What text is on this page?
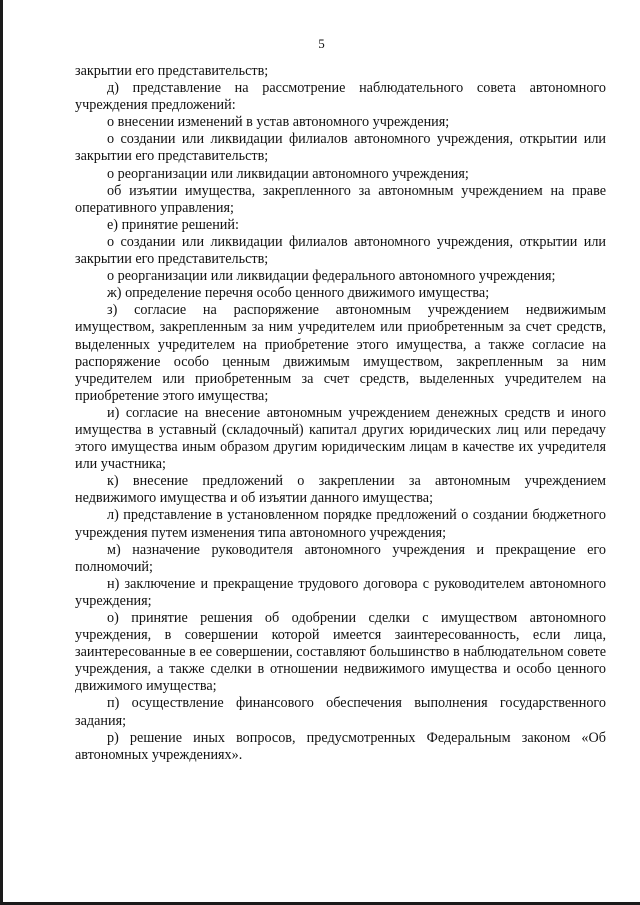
5

закрытии его представительств;

д) представление на рассмотрение наблюдательного совета автономного учреждения предложений:

о внесении изменений в устав автономного учреждения;

о создании или ликвидации филиалов автономного учреждения, открытии или закрытии его представительств;

о реорганизации или ликвидации автономного учреждения;

об изъятии имущества, закрепленного за автономным учреждением на праве оперативного управления;

е) принятие решений:

о создании или ликвидации филиалов автономного учреждения, открытии или закрытии его представительств;

о реорганизации или ликвидации федерального автономного учреждения;

ж) определение перечня особо ценного движимого имущества;

з) согласие на распоряжение автономным учреждением недвижимым имуществом, закрепленным за ним учредителем или приобретенным за счет средств, выделенных учредителем на приобретение этого имущества, а также согласие на распоряжение особо ценным движимым имуществом, закрепленным за ним учредителем или приобретенным за счет средств, выделенных учредителем на приобретение этого имущества;

и) согласие на внесение автономным учреждением денежных средств и иного имущества в уставный (складочный) капитал других юридических лиц или передачу этого имущества иным образом другим юридическим лицам в качестве их учредителя или участника;

к) внесение предложений о закреплении за автономным учреждением недвижимого имущества и об изъятии данного имущества;

л) представление в установленном порядке предложений о создании бюджетного учреждения путем изменения типа автономного учреждения;

м) назначение руководителя автономного учреждения и прекращение его полномочий;

н) заключение и прекращение трудового договора с руководителем автономного учреждения;

о) принятие решения об одобрении сделки с имуществом автономного учреждения, в совершении которой имеется заинтересованность, если лица, заинтересованные в ее совершении, составляют большинство в наблюдательном совете учреждения, а также сделки в отношении недвижимого имущества и особо ценного движимого имущества;

п) осуществление финансового обеспечения выполнения государственного задания;

р) решение иных вопросов, предусмотренных Федеральным законом «Об автономных учреждениях».
